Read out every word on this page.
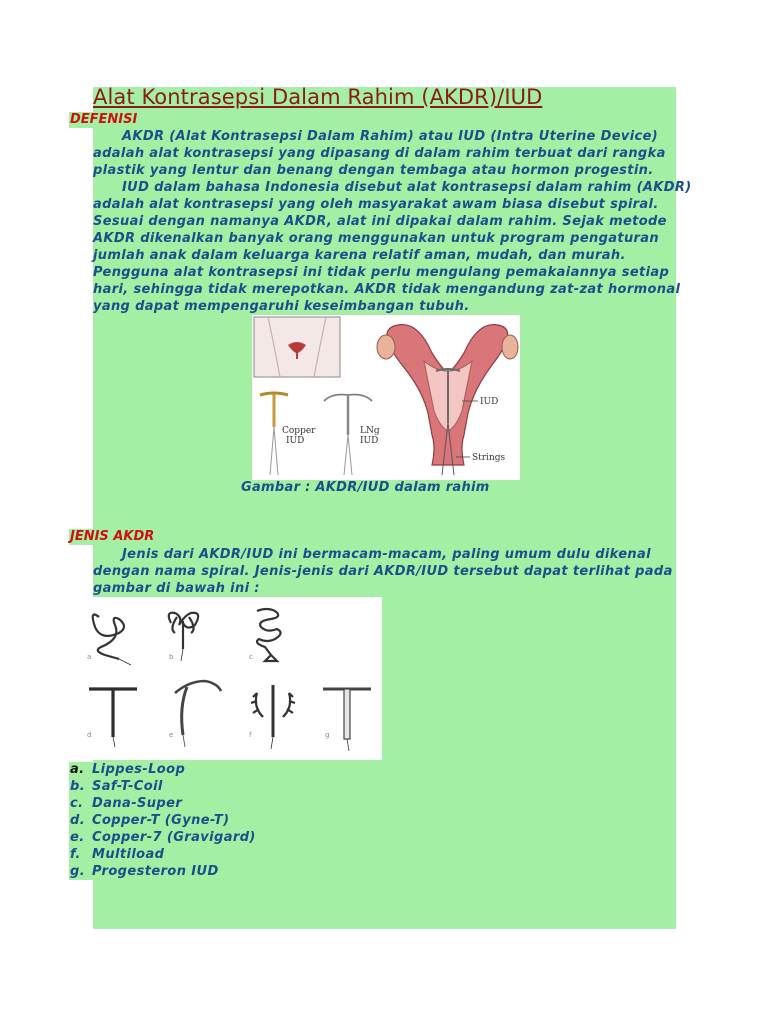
Alat Kontrasepsi Dalam Rahim (AKDR)/IUD

DEFENISI

AKDR (Alat Kontrasepsi Dalam Rahim) atau IUD (Intra Uterine Device)
adalah alat kontrasepsi yang dipasang di dalam rahim terbuat dari rangka
plastik yang lentur dan benang dengan tembaga atau hormon progestin.
IUD dalam bahasa Indonesia disebut alat kontrasepsi dalam rahim (AKDR)
adalah alat kontrasepsi yang oleh masyarakat awam biasa disebut spiral.
Sesuai dengan namanya AKDR, alat ini dipakai dalam rahim. Sejak metode
AKDR dikenalkan banyak orang menggunakan untuk program pengaturan
jumlah anak dalam keluarga karena relatif aman, mudah, dan murah.
Pengguna alat kontrasepsi ini tidak perlu mengulang pemakaiannya setiap
hari, sehingga tidak merepotkan. AKDR tidak mengandung zat-zat hormonal
yang dapat mempengaruhi keseimbangan tubuh.
Copper IUD
LNg IUD
IUD
Strings

Gambar : AKDR/IUD dalam rahim

JENIS AKDR

Jenis dari AKDR/IUD ini bermacam-macam, paling umum dulu dikenal
dengan nama spiral. Jenis-jenis dari AKDR/IUD tersebut dapat terlihat pada
gambar di bawah ini :
a	b	c
d	e	f	g
a. Lippes-Loop
b. Saf-T-Coil
c. Dana-Super
d. Copper-T (Gyne-T)
e. Copper-7 (Gravigard)
f. Multiload
g. Progesteron IUD
